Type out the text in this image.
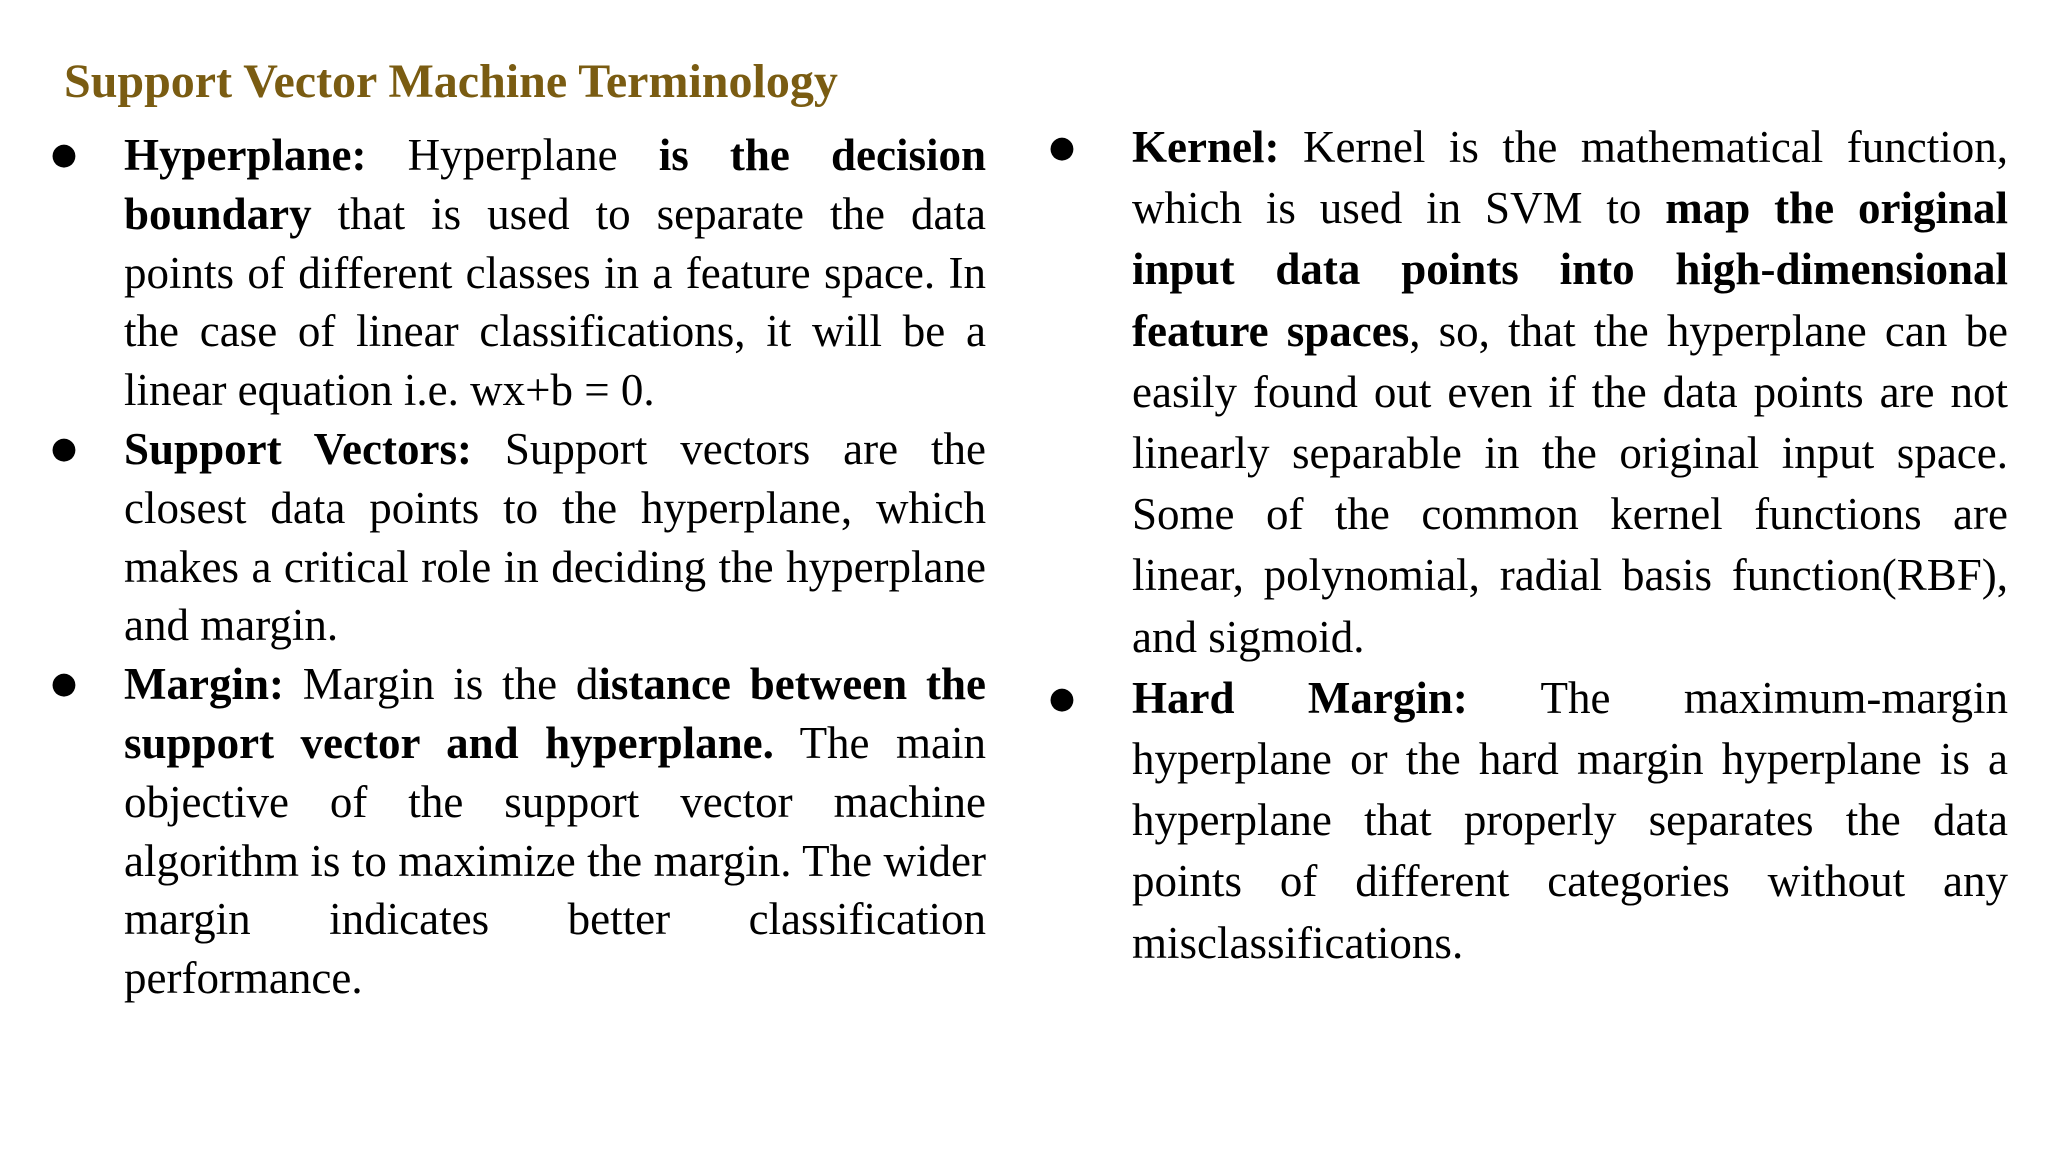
Support Vector Machine Terminology
● Hyperplane: Hyperplane is the decision boundary that is used to separate the data points of different classes in a feature space. In the case of linear classifications, it will be a linear equation i.e. wx+b = 0.
● Support Vectors: Support vectors are the closest data points to the hyperplane, which makes a critical role in deciding the hyperplane and margin.
● Margin: Margin is the distance between the support vector and hyperplane. The main objective of the support vector machine algorithm is to maximize the margin. The wider margin indicates better classification performance.
● Kernel: Kernel is the mathematical function, which is used in SVM to map the original input data points into high-dimensional feature spaces, so, that the hyperplane can be easily found out even if the data points are not linearly separable in the original input space. Some of the common kernel functions are linear, polynomial, radial basis function(RBF), and sigmoid.
● Hard Margin: The maximum-margin hyperplane or the hard margin hyperplane is a hyperplane that properly separates the data points of different categories without any misclassifications.
